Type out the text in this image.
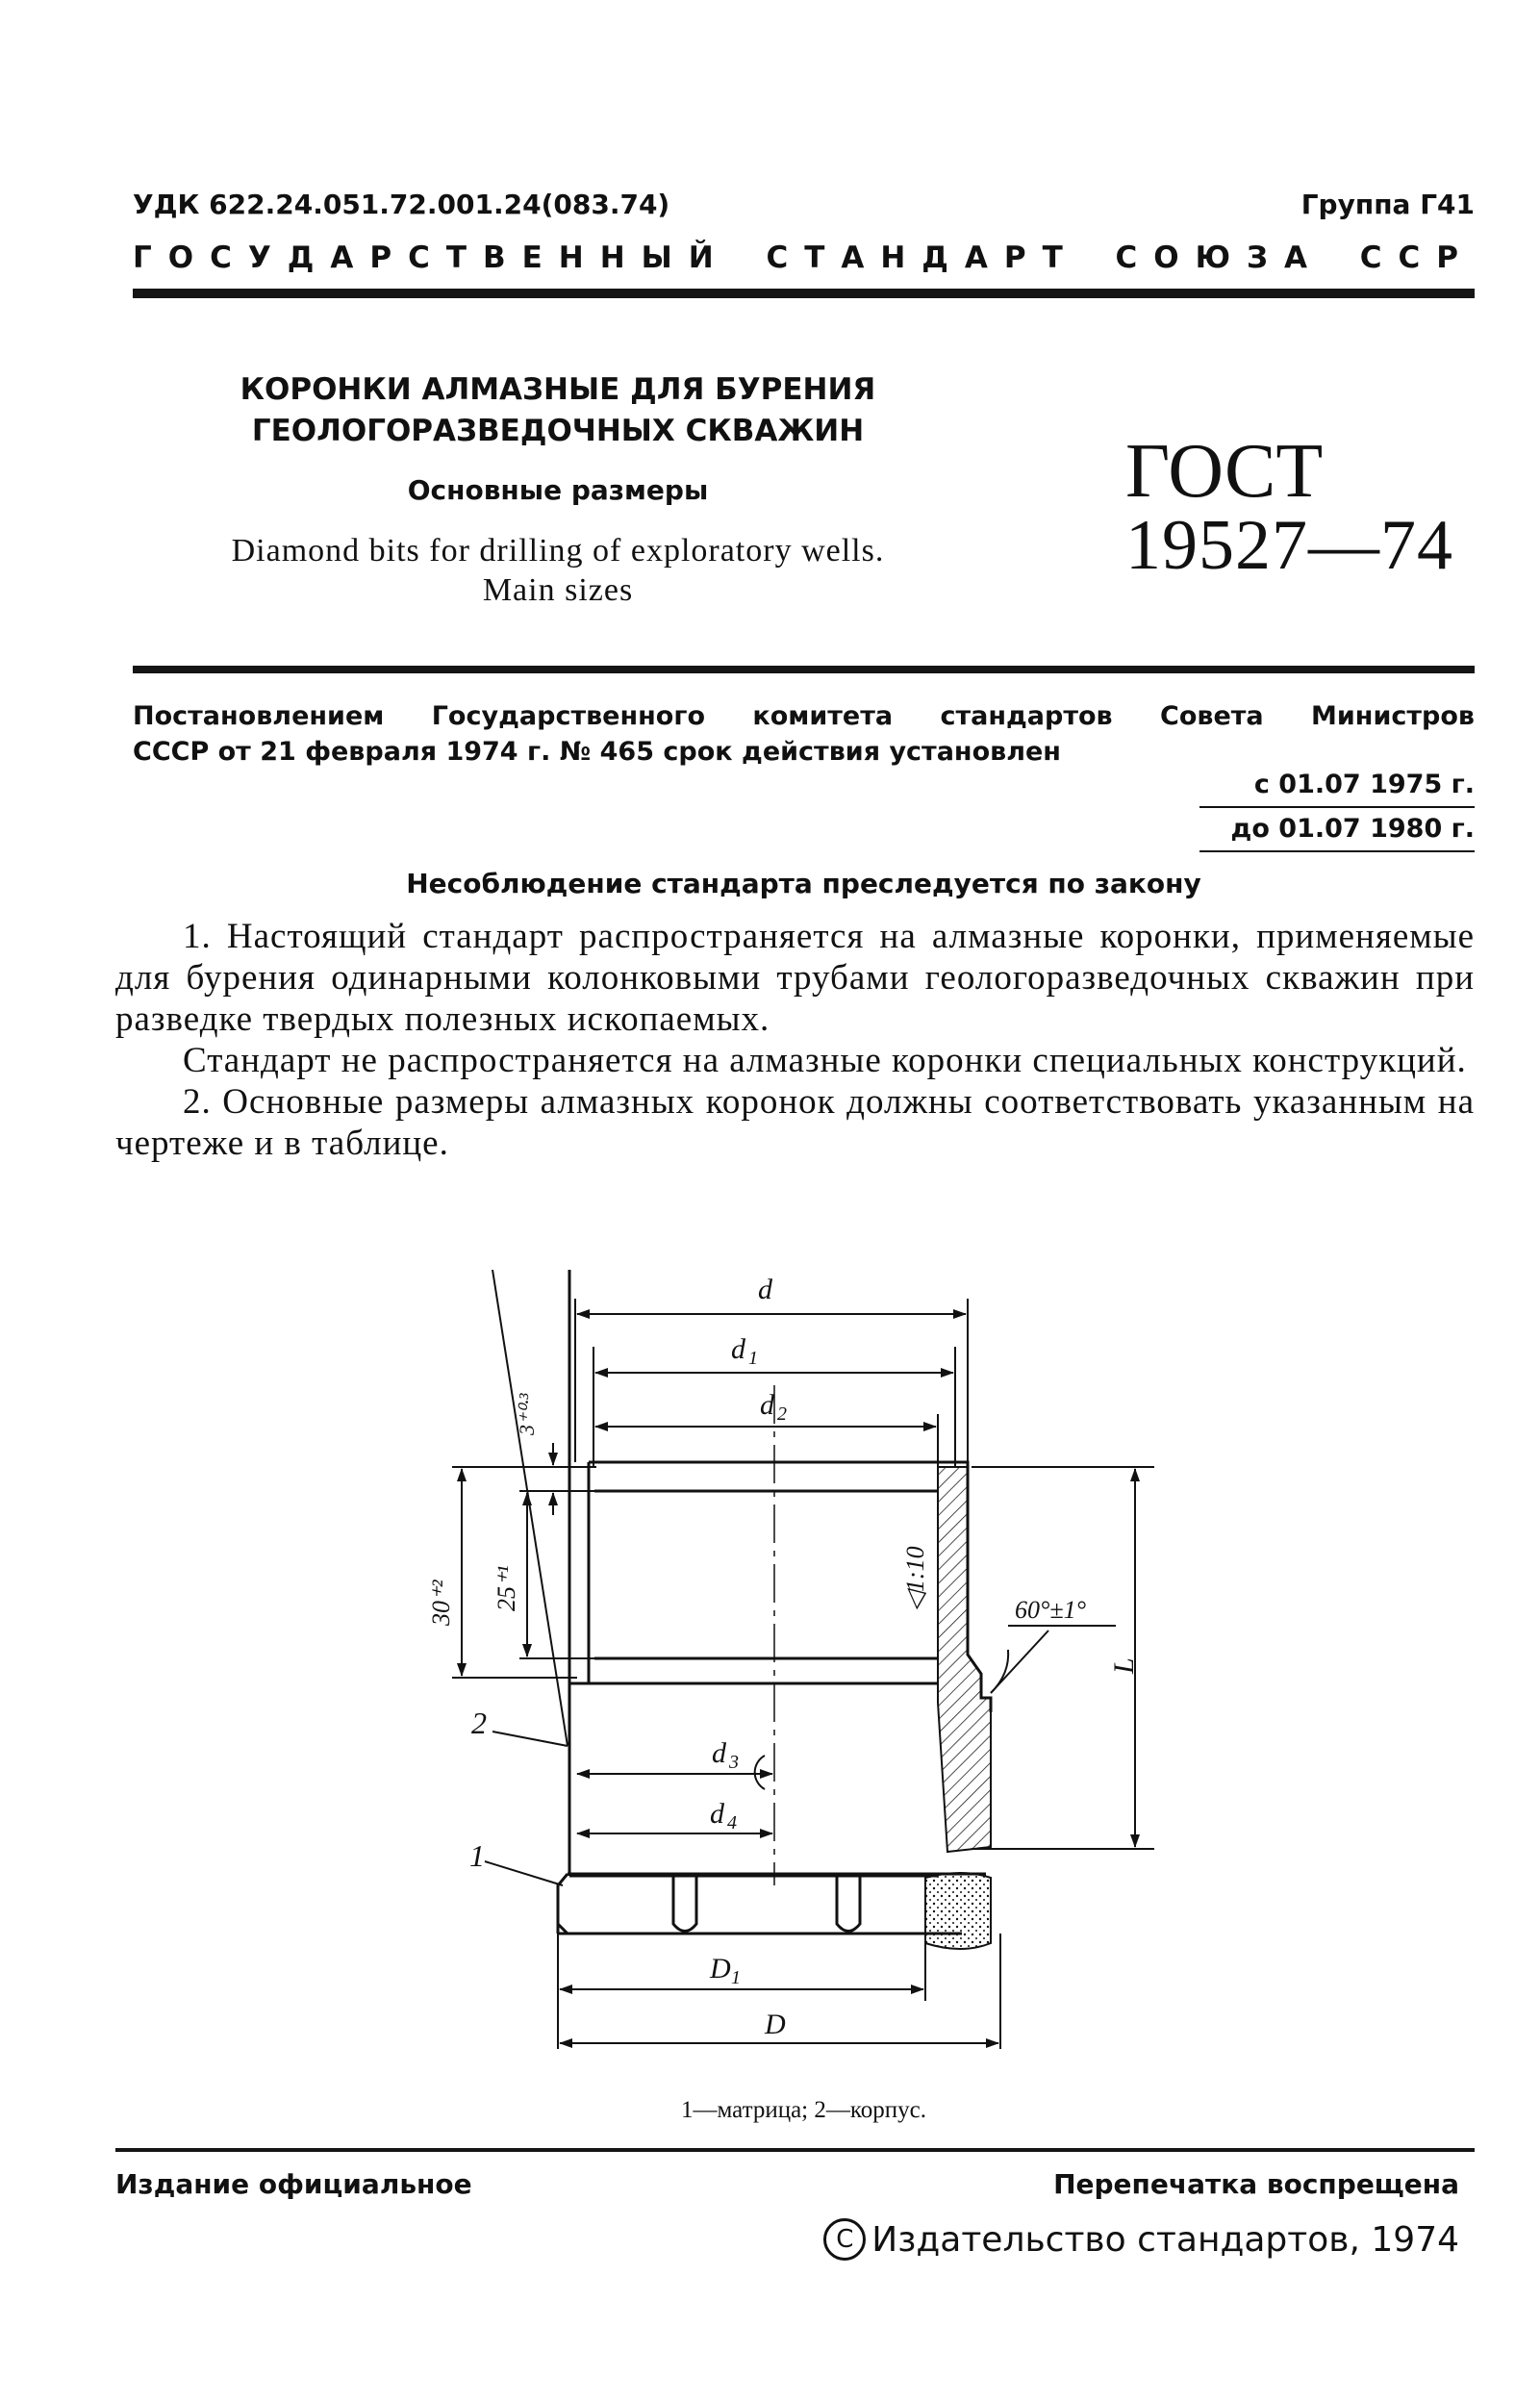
УДК 622.24.051.72.001.24(083.74)	Группа Г41
ГОСУДАРСТВЕННЫЙ СТАНДАРТ СОЮЗА ССР
КОРОНКИ АЛМАЗНЫЕ ДЛЯ БУРЕНИЯ
ГЕОЛОГОРАЗВЕДОЧНЫХ СКВАЖИН
Основные размеры
Diamond bits for drilling of exploratory wells.
Main sizes
ГОСТ
19527—74
Постановлением Государственного комитета стандартов Совета Министров
СССР от 21 февраля 1974 г. № 465 срок действия установлен
с 01.07 1975 г.
до 01.07 1980 г.
Несоблюдение стандарта преследуется по закону

1. Настоящий стандарт распространяется на алмазные коронки, применяемые для бурения одинарными колонковыми трубами геологоразведочных скважин при разведке твердых полезных ископаемых.

Стандарт не распространяется на алмазные коронки специальных конструкций.

2. Основные размеры алмазных коронок должны соответствовать указанным на чертеже и в таблице.

d
d 1
d 2
d 3
d 4
D 1
D
L
3⁺⁰·³
25⁺¹
30⁺²	◁1:10	60°±1°
2
1
1—матрица; 2—корпус.
Издание официальное	Перепечатка воспрещена
C Издательство стандартов, 1974
